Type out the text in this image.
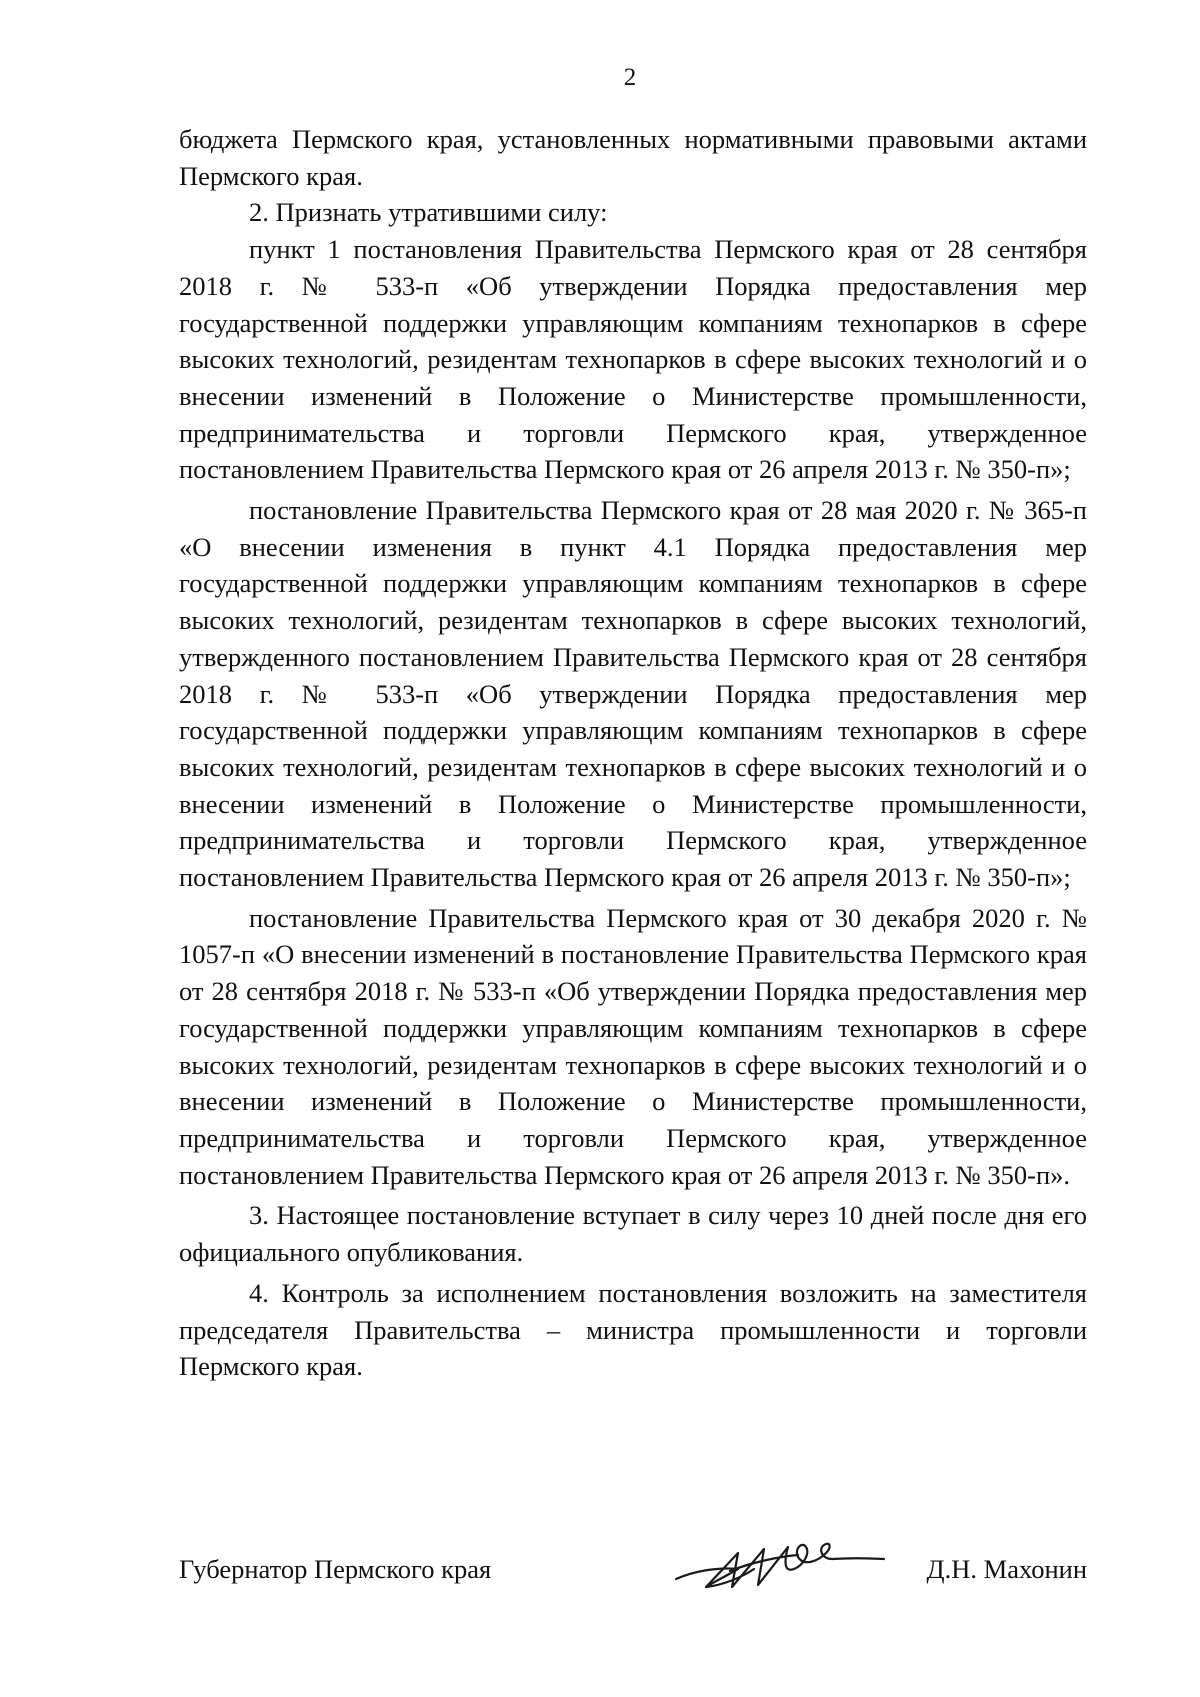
2

бюджета Пермского края, установленных нормативными правовыми актами Пермского края.

2. Признать утратившими силу:

пункт 1 постановления Правительства Пермского края от 28 сентября 2018 г. № 533-п «Об утверждении Порядка предоставления мер государственной поддержки управляющим компаниям технопарков в сфере высоких технологий, резидентам технопарков в сфере высоких технологий и о внесении изменений в Положение о Министерстве промышленности, предпринимательства и торговли Пермского края, утвержденное постановлением Правительства Пермского края от 26 апреля 2013 г. № 350-п»;

постановление Правительства Пермского края от 28 мая 2020 г. № 365-п «О внесении изменения в пункт 4.1 Порядка предоставления мер государственной поддержки управляющим компаниям технопарков в сфере высоких технологий, резидентам технопарков в сфере высоких технологий, утвержденного постановлением Правительства Пермского края от 28 сентября 2018 г. № 533-п «Об утверждении Порядка предоставления мер государственной поддержки управляющим компаниям технопарков в сфере высоких технологий, резидентам технопарков в сфере высоких технологий и о внесении изменений в Положение о Министерстве промышленности, предпринимательства и торговли Пермского края, утвержденное постановлением Правительства Пермского края от 26 апреля 2013 г. № 350-п»;

постановление Правительства Пермского края от 30 декабря 2020 г. № 1057-п «О внесении изменений в постановление Правительства Пермского края от 28 сентября 2018 г. № 533-п «Об утверждении Порядка предоставления мер государственной поддержки управляющим компаниям технопарков в сфере высоких технологий, резидентам технопарков в сфере высоких технологий и о внесении изменений в Положение о Министерстве промышленности, предпринимательства и торговли Пермского края, утвержденное постановлением Правительства Пермского края от 26 апреля 2013 г. № 350-п».

3. Настоящее постановление вступает в силу через 10 дней после дня его официального опубликования.

4. Контроль за исполнением постановления возложить на заместителя председателя Правительства – министра промышленности и торговли Пермского края.

Губернатор Пермского края	Д.Н. Махонин
